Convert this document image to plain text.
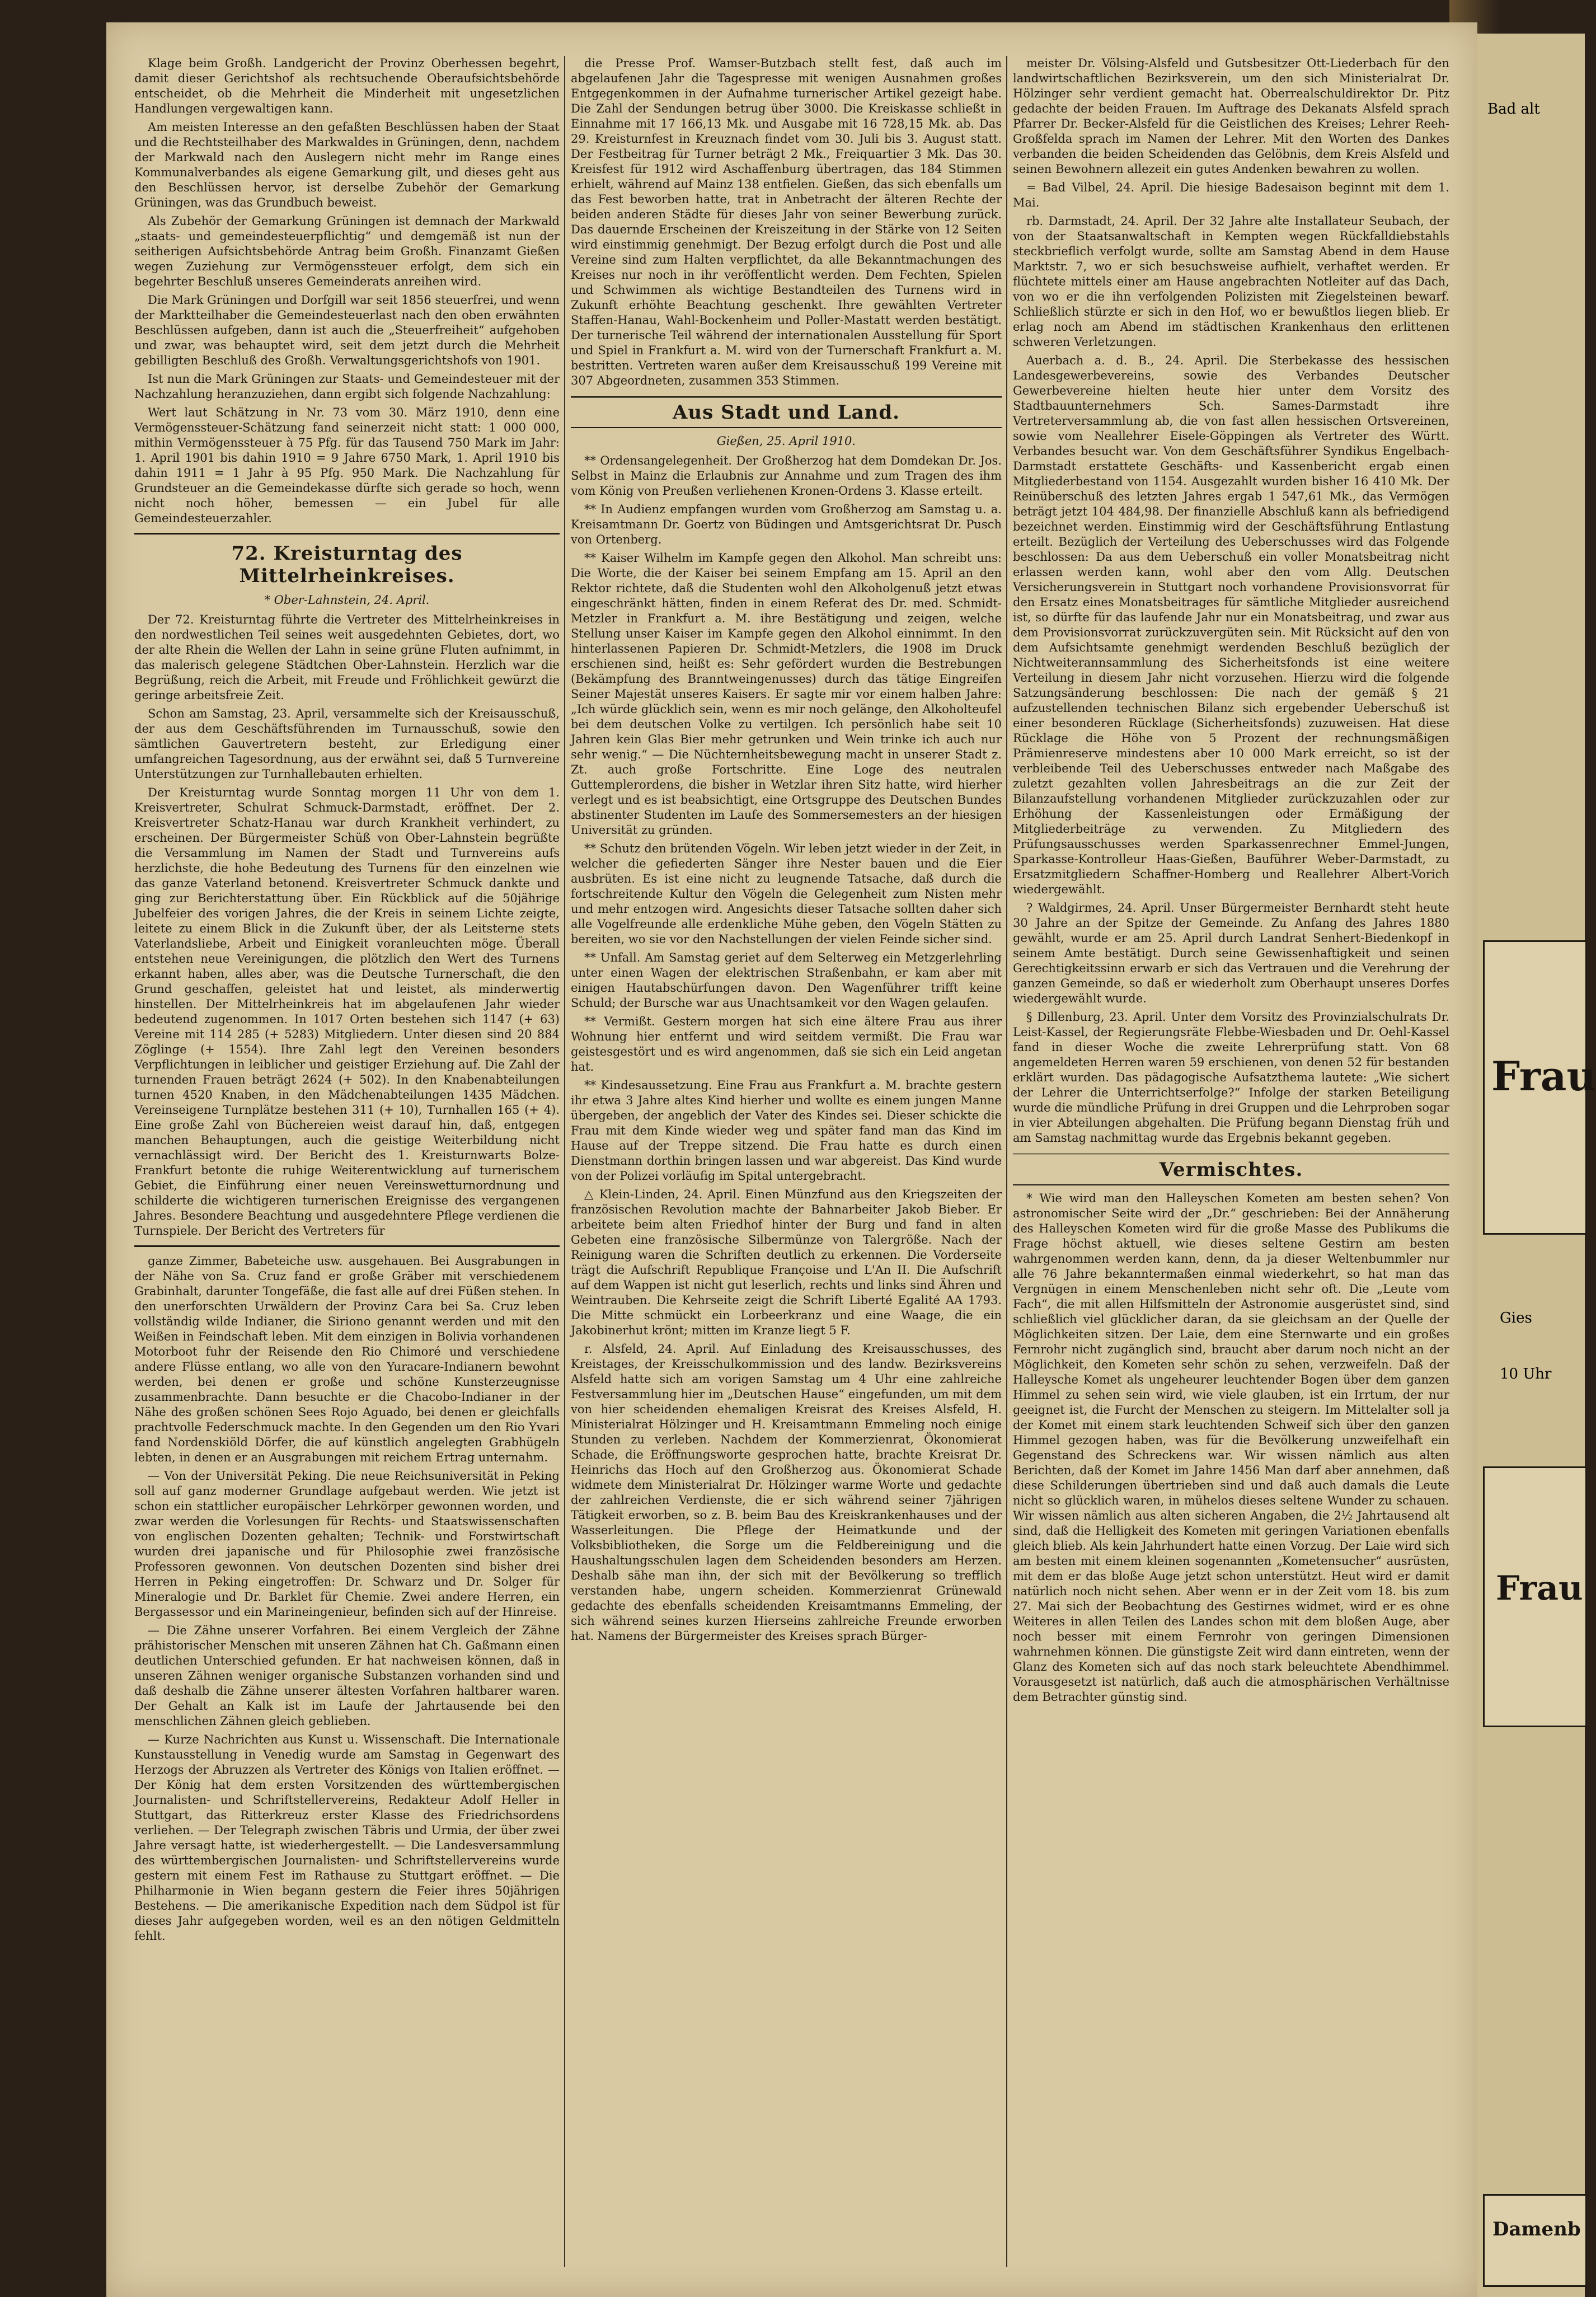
Klage beim Großh. Landgericht der Provinz Oberhessen begehrt, damit dieser Gerichtshof als rechtsuchende Oberaufsichtsbehörde entscheidet, ob die Mehrheit die Minderheit mit ungesetzlichen Handlungen vergewaltigen kann.

Am meisten Interesse an den gefaßten Beschlüssen haben der Staat und die Rechtsteilhaber des Markwaldes in Grüningen, denn, nachdem der Markwald nach den Auslegern nicht mehr im Range eines Kommunalverbandes als eigene Gemarkung gilt, und dieses geht aus den Beschlüssen hervor, ist derselbe Zubehör der Gemarkung Grüningen, was das Grundbuch beweist.

Als Zubehör der Gemarkung Grüningen ist demnach der Markwald „staats- und gemeindesteuerpflichtig“ und demgemäß ist nun der seitherigen Aufsichtsbehörde Antrag beim Großh. Finanzamt Gießen wegen Zuziehung zur Vermögenssteuer erfolgt, dem sich ein begehrter Beschluß unseres Gemeinderats anreihen wird.

Die Mark Grüningen und Dorfgill war seit 1856 steuerfrei, und wenn der Marktteilhaber die Gemeindesteuerlast nach den oben erwähnten Beschlüssen aufgeben, dann ist auch die „Steuerfreiheit“ aufgehoben und zwar, was behauptet wird, seit dem jetzt durch die Mehrheit gebilligten Beschluß des Großh. Verwaltungsgerichtshofs von 1901.

Ist nun die Mark Grüningen zur Staats- und Gemeindesteuer mit der Nachzahlung heranzuziehen, dann ergibt sich folgende Nachzahlung:

Wert laut Schätzung in Nr. 73 vom 30. März 1910, denn eine Vermögenssteuer-Schätzung fand seinerzeit nicht statt: 1 000 000, mithin Vermögenssteuer à 75 Pfg. für das Tausend 750 Mark im Jahr: 1. April 1901 bis dahin 1910 = 9 Jahre 6750 Mark, 1. April 1910 bis dahin 1911 = 1 Jahr à 95 Pfg. 950 Mark. Die Nachzahlung für Grundsteuer an die Gemeindekasse dürfte sich gerade so hoch, wenn nicht noch höher, bemessen — ein Jubel für alle Gemeindesteuerzahler.

72. Kreisturntag des Mittelrheinkreises.
* Ober-Lahnstein, 24. April.

Der 72. Kreisturntag führte die Vertreter des Mittelrheinkreises in den nordwestlichen Teil seines weit ausgedehnten Gebietes, dort, wo der alte Rhein die Wellen der Lahn in seine grüne Fluten aufnimmt, in das malerisch gelegene Städtchen Ober-Lahnstein. Herzlich war die Begrüßung, reich die Arbeit, mit Freude und Fröhlichkeit gewürzt die geringe arbeitsfreie Zeit.

Schon am Samstag, 23. April, versammelte sich der Kreisausschuß, der aus dem Geschäftsführenden im Turnausschuß, sowie den sämtlichen Gauvertretern besteht, zur Erledigung einer umfangreichen Tagesordnung, aus der erwähnt sei, daß 5 Turnvereine Unterstützungen zur Turnhallebauten erhielten.

Der Kreisturntag wurde Sonntag morgen 11 Uhr von dem 1. Kreisvertreter, Schulrat Schmuck-Darmstadt, eröffnet. Der 2. Kreisvertreter Schatz-Hanau war durch Krankheit verhindert, zu erscheinen. Der Bürgermeister Schüß von Ober-Lahnstein begrüßte die Versammlung im Namen der Stadt und Turnvereins aufs herzlichste, die hohe Bedeutung des Turnens für den einzelnen wie das ganze Vaterland betonend. Kreisvertreter Schmuck dankte und ging zur Berichterstattung über. Ein Rückblick auf die 50jährige Jubelfeier des vorigen Jahres, die der Kreis in seinem Lichte zeigte, leitete zu einem Blick in die Zukunft über, der als Leitsterne stets Vaterlandsliebe, Arbeit und Einigkeit voranleuchten möge. Überall entstehen neue Vereinigungen, die plötzlich den Wert des Turnens erkannt haben, alles aber, was die Deutsche Turnerschaft, die den Grund geschaffen, geleistet hat und leistet, als minderwertig hinstellen. Der Mittelrheinkreis hat im abgelaufenen Jahr wieder bedeutend zugenommen. In 1017 Orten bestehen sich 1147 (+ 63) Vereine mit 114 285 (+ 5283) Mitgliedern. Unter diesen sind 20 884 Zöglinge (+ 1554). Ihre Zahl legt den Vereinen besonders Verpflichtungen in leiblicher und geistiger Erziehung auf. Die Zahl der turnenden Frauen beträgt 2624 (+ 502). In den Knabenabteilungen turnen 4520 Knaben, in den Mädchenabteilungen 1435 Mädchen. Vereinseigene Turnplätze bestehen 311 (+ 10), Turnhallen 165 (+ 4). Eine große Zahl von Büchereien weist darauf hin, daß, entgegen manchen Behauptungen, auch die geistige Weiterbildung nicht vernachlässigt wird. Der Bericht des 1. Kreisturnwarts Bolze-Frankfurt betonte die ruhige Weiterentwicklung auf turnerischem Gebiet, die Einführung einer neuen Vereinswetturnordnung und schilderte die wichtigeren turnerischen Ereignisse des vergangenen Jahres. Besondere Beachtung und ausgedehntere Pflege verdienen die Turnspiele. Der Bericht des Vertreters für

ganze Zimmer, Babeteiche usw. ausgehauen. Bei Ausgrabungen in der Nähe von Sa. Cruz fand er große Gräber mit verschiedenem Grabinhalt, darunter Tongefäße, die fast alle auf drei Füßen stehen. In den unerforschten Urwäldern der Provinz Cara bei Sa. Cruz leben vollständig wilde Indianer, die Siriono genannt werden und mit den Weißen in Feindschaft leben. Mit dem einzigen in Bolivia vorhandenen Motorboot fuhr der Reisende den Rio Chimoré und verschiedene andere Flüsse entlang, wo alle von den Yuracare-Indianern bewohnt werden, bei denen er große und schöne Kunsterzeugnisse zusammenbrachte. Dann besuchte er die Chacobo-Indianer in der Nähe des großen schönen Sees Rojo Aguado, bei denen er gleichfalls prachtvolle Federschmuck machte. In den Gegenden um den Rio Yvari fand Nordenskiöld Dörfer, die auf künstlich angelegten Grabhügeln lebten, in denen er an Ausgrabungen mit reichem Ertrag unternahm.

— Von der Universität Peking. Die neue Reichsuniversität in Peking soll auf ganz moderner Grundlage aufgebaut werden. Wie jetzt ist schon ein stattlicher europäischer Lehrkörper gewonnen worden, und zwar werden die Vorlesungen für Rechts- und Staatswissenschaften von englischen Dozenten gehalten; Technik- und Forstwirtschaft wurden drei japanische und für Philosophie zwei französische Professoren gewonnen. Von deutschen Dozenten sind bisher drei Herren in Peking eingetroffen: Dr. Schwarz und Dr. Solger für Mineralogie und Dr. Barklet für Chemie. Zwei andere Herren, ein Bergassessor und ein Marineingenieur, befinden sich auf der Hinreise.

— Die Zähne unserer Vorfahren. Bei einem Vergleich der Zähne prähistorischer Menschen mit unseren Zähnen hat Ch. Gaßmann einen deutlichen Unterschied gefunden. Er hat nachweisen können, daß in unseren Zähnen weniger organische Substanzen vorhanden sind und daß deshalb die Zähne unserer ältesten Vorfahren haltbarer waren. Der Gehalt an Kalk ist im Laufe der Jahrtausende bei den menschlichen Zähnen gleich geblieben.

— Kurze Nachrichten aus Kunst u. Wissenschaft. Die Internationale Kunstausstellung in Venedig wurde am Samstag in Gegenwart des Herzogs der Abruzzen als Vertreter des Königs von Italien eröffnet. — Der König hat dem ersten Vorsitzenden des württembergischen Journalisten- und Schriftstellervereins, Redakteur Adolf Heller in Stuttgart, das Ritterkreuz erster Klasse des Friedrichsordens verliehen. — Der Telegraph zwischen Täbris und Urmia, der über zwei Jahre versagt hatte, ist wiederhergestellt. — Die Landesversammlung des württembergischen Journalisten- und Schriftstellervereins wurde gestern mit einem Fest im Rathause zu Stuttgart eröffnet. — Die Philharmonie in Wien begann gestern die Feier ihres 50jährigen Bestehens. — Die amerikanische Expedition nach dem Südpol ist für dieses Jahr aufgegeben worden, weil es an den nötigen Geldmitteln fehlt.

die Presse Prof. Wamser-Butzbach stellt fest, daß auch im abgelaufenen Jahr die Tagespresse mit wenigen Ausnahmen großes Entgegenkommen in der Aufnahme turnerischer Artikel gezeigt habe. Die Zahl der Sendungen betrug über 3000. Die Kreiskasse schließt in Einnahme mit 17 166,13 Mk. und Ausgabe mit 16 728,15 Mk. ab. Das 29. Kreisturnfest in Kreuznach findet vom 30. Juli bis 3. August statt. Der Festbeitrag für Turner beträgt 2 Mk., Freiquartier 3 Mk. Das 30. Kreisfest für 1912 wird Aschaffenburg übertragen, das 184 Stimmen erhielt, während auf Mainz 138 entfielen. Gießen, das sich ebenfalls um das Fest beworben hatte, trat in Anbetracht der älteren Rechte der beiden anderen Städte für dieses Jahr von seiner Bewerbung zurück. Das dauernde Erscheinen der Kreiszeitung in der Stärke von 12 Seiten wird einstimmig genehmigt. Der Bezug erfolgt durch die Post und alle Vereine sind zum Halten verpflichtet, da alle Bekanntmachungen des Kreises nur noch in ihr veröffentlicht werden. Dem Fechten, Spielen und Schwimmen als wichtige Bestandteilen des Turnens wird in Zukunft erhöhte Beachtung geschenkt. Ihre gewählten Vertreter Staffen-Hanau, Wahl-Bockenheim und Poller-Mastatt werden bestätigt. Der turnerische Teil während der internationalen Ausstellung für Sport und Spiel in Frankfurt a. M. wird von der Turnerschaft Frankfurt a. M. bestritten. Vertreten waren außer dem Kreisausschuß 199 Vereine mit 307 Abgeordneten, zusammen 353 Stimmen.

Aus Stadt und Land.
Gießen, 25. April 1910.

** Ordensangelegenheit. Der Großherzog hat dem Domdekan Dr. Jos. Selbst in Mainz die Erlaubnis zur Annahme und zum Tragen des ihm vom König von Preußen verliehenen Kronen-Ordens 3. Klasse erteilt.

** In Audienz empfangen wurden vom Großherzog am Samstag u. a. Kreisamtmann Dr. Goertz von Büdingen und Amtsgerichtsrat Dr. Pusch von Ortenberg.

** Kaiser Wilhelm im Kampfe gegen den Alkohol. Man schreibt uns: Die Worte, die der Kaiser bei seinem Empfang am 15. April an den Rektor richtete, daß die Studenten wohl den Alkoholgenuß jetzt etwas eingeschränkt hätten, finden in einem Referat des Dr. med. Schmidt-Metzler in Frankfurt a. M. ihre Bestätigung und zeigen, welche Stellung unser Kaiser im Kampfe gegen den Alkohol einnimmt. In den hinterlassenen Papieren Dr. Schmidt-Metzlers, die 1908 im Druck erschienen sind, heißt es: Sehr gefördert wurden die Bestrebungen (Bekämpfung des Branntweingenusses) durch das tätige Eingreifen Seiner Majestät unseres Kaisers. Er sagte mir vor einem halben Jahre: „Ich würde glücklich sein, wenn es mir noch gelänge, den Alkoholteufel bei dem deutschen Volke zu vertilgen. Ich persönlich habe seit 10 Jahren kein Glas Bier mehr getrunken und Wein trinke ich auch nur sehr wenig.“ — Die Nüchternheitsbewegung macht in unserer Stadt z. Zt. auch große Fortschritte. Eine Loge des neutralen Guttemplerordens, die bisher in Wetzlar ihren Sitz hatte, wird hierher verlegt und es ist beabsichtigt, eine Ortsgruppe des Deutschen Bundes abstinenter Studenten im Laufe des Sommersemesters an der hiesigen Universität zu gründen.

** Schutz den brütenden Vögeln. Wir leben jetzt wieder in der Zeit, in welcher die gefiederten Sänger ihre Nester bauen und die Eier ausbrüten. Es ist eine nicht zu leugnende Tatsache, daß durch die fortschreitende Kultur den Vögeln die Gelegenheit zum Nisten mehr und mehr entzogen wird. Angesichts dieser Tatsache sollten daher sich alle Vogelfreunde alle erdenkliche Mühe geben, den Vögeln Stätten zu bereiten, wo sie vor den Nachstellungen der vielen Feinde sicher sind.

** Unfall. Am Samstag geriet auf dem Selterweg ein Metzgerlehrling unter einen Wagen der elektrischen Straßenbahn, er kam aber mit einigen Hautabschürfungen davon. Den Wagenführer trifft keine Schuld; der Bursche war aus Unachtsamkeit vor den Wagen gelaufen.

** Vermißt. Gestern morgen hat sich eine ältere Frau aus ihrer Wohnung hier entfernt und wird seitdem vermißt. Die Frau war geistesgestört und es wird angenommen, daß sie sich ein Leid angetan hat.

** Kindesaussetzung. Eine Frau aus Frankfurt a. M. brachte gestern ihr etwa 3 Jahre altes Kind hierher und wollte es einem jungen Manne übergeben, der angeblich der Vater des Kindes sei. Dieser schickte die Frau mit dem Kinde wieder weg und später fand man das Kind im Hause auf der Treppe sitzend. Die Frau hatte es durch einen Dienstmann dorthin bringen lassen und war abgereist. Das Kind wurde von der Polizei vorläufig im Spital untergebracht.

△ Klein-Linden, 24. April. Einen Münzfund aus den Kriegszeiten der französischen Revolution machte der Bahnarbeiter Jakob Bieber. Er arbeitete beim alten Friedhof hinter der Burg und fand in alten Gebeten eine französische Silbermünze von Talergröße. Nach der Reinigung waren die Schriften deutlich zu erkennen. Die Vorderseite trägt die Aufschrift Republique Françoise und L'An II. Die Aufschrift auf dem Wappen ist nicht gut leserlich, rechts und links sind Ähren und Weintrauben. Die Kehrseite zeigt die Schrift Liberté Egalité AA 1793. Die Mitte schmückt ein Lorbeerkranz und eine Waage, die ein Jakobinerhut krönt; mitten im Kranze liegt 5 F.

r. Alsfeld, 24. April. Auf Einladung des Kreisausschusses, des Kreistages, der Kreisschulkommission und des landw. Bezirksvereins Alsfeld hatte sich am vorigen Samstag um 4 Uhr eine zahlreiche Festversammlung hier im „Deutschen Hause“ eingefunden, um mit dem von hier scheidenden ehemaligen Kreisrat des Kreises Alsfeld, H. Ministerialrat Hölzinger und H. Kreisamtmann Emmeling noch einige Stunden zu verleben. Nachdem der Kommerzienrat, Ökonomierat Schade, die Eröffnungsworte gesprochen hatte, brachte Kreisrat Dr. Heinrichs das Hoch auf den Großherzog aus. Ökonomierat Schade widmete dem Ministerialrat Dr. Hölzinger warme Worte und gedachte der zahlreichen Verdienste, die er sich während seiner 7jährigen Tätigkeit erworben, so z. B. beim Bau des Kreiskrankenhauses und der Wasserleitungen. Die Pflege der Heimatkunde und der Volksbibliotheken, die Sorge um die Feldbereinigung und die Haushaltungsschulen lagen dem Scheidenden besonders am Herzen. Deshalb sähe man ihn, der sich mit der Bevölkerung so trefflich verstanden habe, ungern scheiden. Kommerzienrat Grünewald gedachte des ebenfalls scheidenden Kreisamtmanns Emmeling, der sich während seines kurzen Hierseins zahlreiche Freunde erworben hat. Namens der Bürgermeister des Kreises sprach Bürger-

meister Dr. Völsing-Alsfeld und Gutsbesitzer Ott-Liederbach für den landwirtschaftlichen Bezirksverein, um den sich Ministerialrat Dr. Hölzinger sehr verdient gemacht hat. Oberrealschuldirektor Dr. Pitz gedachte der beiden Frauen. Im Auftrage des Dekanats Alsfeld sprach Pfarrer Dr. Becker-Alsfeld für die Geistlichen des Kreises; Lehrer Reeh-Großfelda sprach im Namen der Lehrer. Mit den Worten des Dankes verbanden die beiden Scheidenden das Gelöbnis, dem Kreis Alsfeld und seinen Bewohnern allezeit ein gutes Andenken bewahren zu wollen.

= Bad Vilbel, 24. April. Die hiesige Badesaison beginnt mit dem 1. Mai.

rb. Darmstadt, 24. April. Der 32 Jahre alte Installateur Seubach, der von der Staatsanwaltschaft in Kempten wegen Rückfalldiebstahls steckbrieflich verfolgt wurde, sollte am Samstag Abend in dem Hause Marktstr. 7, wo er sich besuchsweise aufhielt, verhaftet werden. Er flüchtete mittels einer am Hause angebrachten Notleiter auf das Dach, von wo er die ihn verfolgenden Polizisten mit Ziegelsteinen bewarf. Schließlich stürzte er sich in den Hof, wo er bewußtlos liegen blieb. Er erlag noch am Abend im städtischen Krankenhaus den erlittenen schweren Verletzungen.

Auerbach a. d. B., 24. April. Die Sterbekasse des hessischen Landesgewerbevereins, sowie des Verbandes Deutscher Gewerbevereine hielten heute hier unter dem Vorsitz des Stadtbauunternehmers Sch. Sames-Darmstadt ihre Vertreterversammlung ab, die von fast allen hessischen Ortsvereinen, sowie vom Neallehrer Eisele-Göppingen als Vertreter des Württ. Verbandes besucht war. Von dem Geschäftsführer Syndikus Engelbach-Darmstadt erstattete Geschäfts- und Kassenbericht ergab einen Mitgliederbestand von 1154. Ausgezahlt wurden bisher 16 410 Mk. Der Reinüberschuß des letzten Jahres ergab 1 547,61 Mk., das Vermögen beträgt jetzt 104 484,98. Der finanzielle Abschluß kann als befriedigend bezeichnet werden. Einstimmig wird der Geschäftsführung Entlastung erteilt. Bezüglich der Verteilung des Ueberschusses wird das Folgende beschlossen: Da aus dem Ueberschuß ein voller Monatsbeitrag nicht erlassen werden kann, wohl aber den vom Allg. Deutschen Versicherungsverein in Stuttgart noch vorhandene Provisionsvorrat für den Ersatz eines Monatsbeitrages für sämtliche Mitglieder ausreichend ist, so dürfte für das laufende Jahr nur ein Monatsbeitrag, und zwar aus dem Provisionsvorrat zurückzuvergüten sein. Mit Rücksicht auf den von dem Aufsichtsamte genehmigt werdenden Beschluß bezüglich der Nichtweiterannsammlung des Sicherheitsfonds ist eine weitere Verteilung in diesem Jahr nicht vorzusehen. Hierzu wird die folgende Satzungsänderung beschlossen: Die nach der gemäß § 21 aufzustellenden technischen Bilanz sich ergebender Ueberschuß ist einer besonderen Rücklage (Sicherheitsfonds) zuzuweisen. Hat diese Rücklage die Höhe von 5 Prozent der rechnungsmäßigen Prämienreserve mindestens aber 10 000 Mark erreicht, so ist der verbleibende Teil des Ueberschusses entweder nach Maßgabe des zuletzt gezahlten vollen Jahresbeitrags an die zur Zeit der Bilanzaufstellung vorhandenen Mitglieder zurückzuzahlen oder zur Erhöhung der Kassenleistungen oder Ermäßigung der Mitgliederbeiträge zu verwenden. Zu Mitgliedern des Prüfungsausschusses werden Sparkassenrechner Emmel-Jungen, Sparkasse-Kontrolleur Haas-Gießen, Bauführer Weber-Darmstadt, zu Ersatzmitgliedern Schaffner-Homberg und Reallehrer Albert-Vorich wiedergewählt.

? Waldgirmes, 24. April. Unser Bürgermeister Bernhardt steht heute 30 Jahre an der Spitze der Gemeinde. Zu Anfang des Jahres 1880 gewählt, wurde er am 25. April durch Landrat Senhert-Biedenkopf in seinem Amte bestätigt. Durch seine Gewissenhaftigkeit und seinen Gerechtigkeitssinn erwarb er sich das Vertrauen und die Verehrung der ganzen Gemeinde, so daß er wiederholt zum Oberhaupt unseres Dorfes wiedergewählt wurde.

§ Dillenburg, 23. April. Unter dem Vorsitz des Provinzialschulrats Dr. Leist-Kassel, der Regierungsräte Flebbe-Wiesbaden und Dr. Oehl-Kassel fand in dieser Woche die zweite Lehrerprüfung statt. Von 68 angemeldeten Herren waren 59 erschienen, von denen 52 für bestanden erklärt wurden. Das pädagogische Aufsatzthema lautete: „Wie sichert der Lehrer die Unterrichtserfolge?“ Infolge der starken Beteiligung wurde die mündliche Prüfung in drei Gruppen und die Lehrproben sogar in vier Abteilungen abgehalten. Die Prüfung begann Dienstag früh und am Samstag nachmittag wurde das Ergebnis bekannt gegeben.

Vermischtes.

* Wie wird man den Halleyschen Kometen am besten sehen? Von astronomischer Seite wird der „Dr.“ geschrieben: Bei der Annäherung des Halleyschen Kometen wird für die große Masse des Publikums die Frage höchst aktuell, wie dieses seltene Gestirn am besten wahrgenommen werden kann, denn, da ja dieser Weltenbummler nur alle 76 Jahre bekanntermaßen einmal wiederkehrt, so hat man das Vergnügen in einem Menschenleben nicht sehr oft. Die „Leute vom Fach“, die mit allen Hilfsmitteln der Astronomie ausgerüstet sind, sind schließlich viel glücklicher daran, da sie gleichsam an der Quelle der Möglichkeiten sitzen. Der Laie, dem eine Sternwarte und ein großes Fernrohr nicht zugänglich sind, braucht aber darum noch nicht an der Möglichkeit, den Kometen sehr schön zu sehen, verzweifeln. Daß der Halleysche Komet als ungeheurer leuchtender Bogen über dem ganzen Himmel zu sehen sein wird, wie viele glauben, ist ein Irrtum, der nur geeignet ist, die Furcht der Menschen zu steigern. Im Mittelalter soll ja der Komet mit einem stark leuchtenden Schweif sich über den ganzen Himmel gezogen haben, was für die Bevölkerung unzweifelhaft ein Gegenstand des Schreckens war. Wir wissen nämlich aus alten Berichten, daß der Komet im Jahre 1456 Man darf aber annehmen, daß diese Schilderungen übertrieben sind und daß auch damals die Leute nicht so glücklich waren, in mühelos dieses seltene Wunder zu schauen. Wir wissen nämlich aus alten sicheren Angaben, die 2½ Jahrtausend alt sind, daß die Helligkeit des Kometen mit geringen Variationen ebenfalls gleich blieb. Als kein Jahrhundert hatte einen Vorzug. Der Laie wird sich am besten mit einem kleinen sogenannten „Kometensucher“ ausrüsten, mit dem er das bloße Auge jetzt schon unterstützt. Heut wird er damit natürlich noch nicht sehen. Aber wenn er in der Zeit vom 18. bis zum 27. Mai sich der Beobachtung des Gestirnes widmet, wird er es ohne Weiteres in allen Teilen des Landes schon mit dem bloßen Auge, aber noch besser mit einem Fernrohr von geringen Dimensionen wahrnehmen können. Die günstigste Zeit wird dann eintreten, wenn der Glanz des Kometen sich auf das noch stark beleuchtete Abendhimmel. Vorausgesetzt ist natürlich, daß auch die atmosphärischen Verhältnisse dem Betrachter günstig sind.

Bad alt
Frau
Gies
10 Uhr
Frau
Damenb
